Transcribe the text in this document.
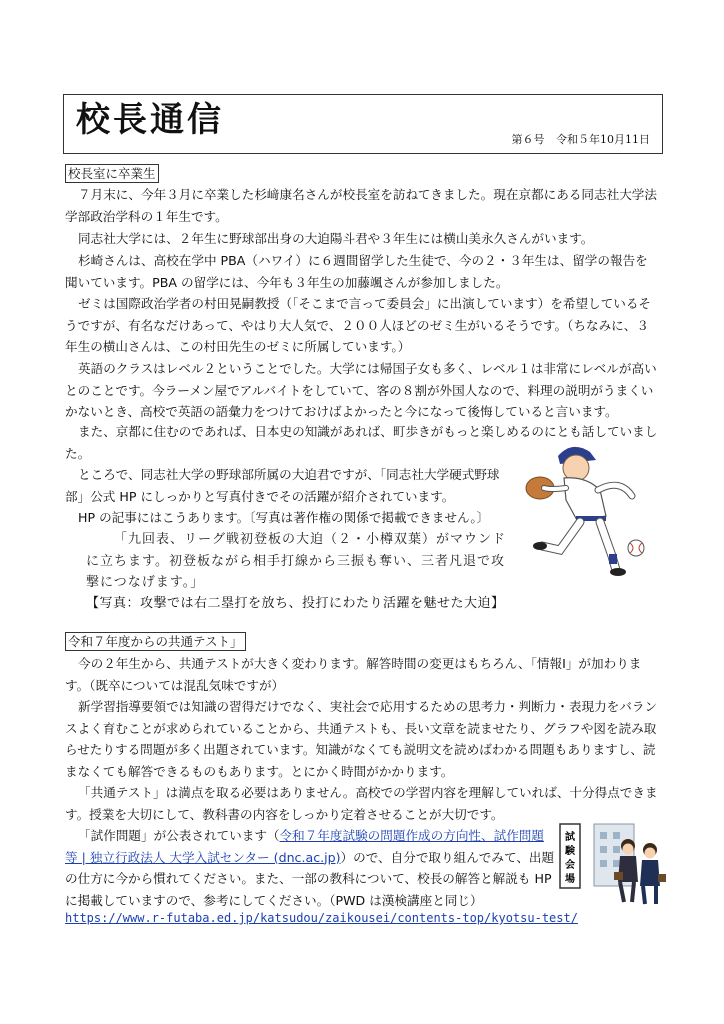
校長通信	第６号 令和５年10月11日
校長室に卒業生

７月末に、今年３月に卒業した杉﨑康名さんが校長室を訪ねてきました。現在京都にある同志社大学法学部政治学科の１年生です。

同志社大学には、２年生に野球部出身の大迫陽斗君や３年生には横山美永久さんがいます。

杉崎さんは、高校在学中 PBA（ハワイ）に６週間留学した生徒で、今の２・３年生は、留学の報告を聞いています。PBA の留学には、今年も３年生の加藤颯さんが参加しました。

ゼミは国際政治学者の村田晃嗣教授（「そこまで言って委員会」に出演しています）を希望しているそうですが、有名なだけあって、やはり大人気で、２００人ほどのゼミ生がいるそうです。（ちなみに、３年生の横山さんは、この村田先生のゼミに所属しています。）

英語のクラスはレベル２ということでした。大学には帰国子女も多く、レベル１は非常にレベルが高いとのことです。今ラーメン屋でアルバイトをしていて、客の８割が外国人なので、料理の説明がうまくいかないとき、高校で英語の語彙力をつけておけばよかったと今になって後悔していると言います。

また、京都に住むのであれば、日本史の知識があれば、町歩きがもっと楽しめるのにとも話していました。

ところで、同志社大学の野球部所属の大迫君ですが、「同志社大学硬式野球部」公式 HP にしっかりと写真付きでその活躍が紹介されています。

HP の記事にはこうあります。〔写真は著作権の関係で掲載できません。〕

「九回表、リーグ戦初登板の大迫（２・小樽双葉）がマウンドに立ちます。初登板ながら相手打線から三振も奪い、三者凡退で攻撃につなげます。」

【写真：攻撃では右二塁打を放ち、投打にわたり活躍を魅せた大迫】
令和７年度からの共通テスト」

今の２年生から、共通テストが大きく変わります。解答時間の変更はもちろん、「情報Ⅰ」が加わります。（既卒については混乱気味ですが）

新学習指導要領では知識の習得だけでなく、実社会で応用するための思考力・判断力・表現力をバランスよく育むことが求められていることから、共通テストも、長い文章を読ませたり、グラフや図を読み取らせたりする問題が多く出題されています。知識がなくても説明文を読めばわかる問題もありますし、読まなくても解答できるものもあります。とにかく時間がかかります。

「共通テスト」は満点を取る必要はありません。高校での学習内容を理解していれば、十分得点できます。授業を大切にして、教科書の内容をしっかり定着させることが大切です。

「試作問題」が公表されています（令和７年度試験の問題作成の方向性、試作問題等 | 独立行政法人 大学入試センター (dnc.ac.jp)）ので、自分で取り組んでみて、出題の仕方に今から慣れてください。また、一部の教科について、校長の解答と解説も HP に掲載していますので、参考にしてください。（PWD は漢検講座と同じ）

https://www.r-futaba.ed.jp/katsudou/zaikousei/contents-top/kyotsu-test/
試
験
会
場
